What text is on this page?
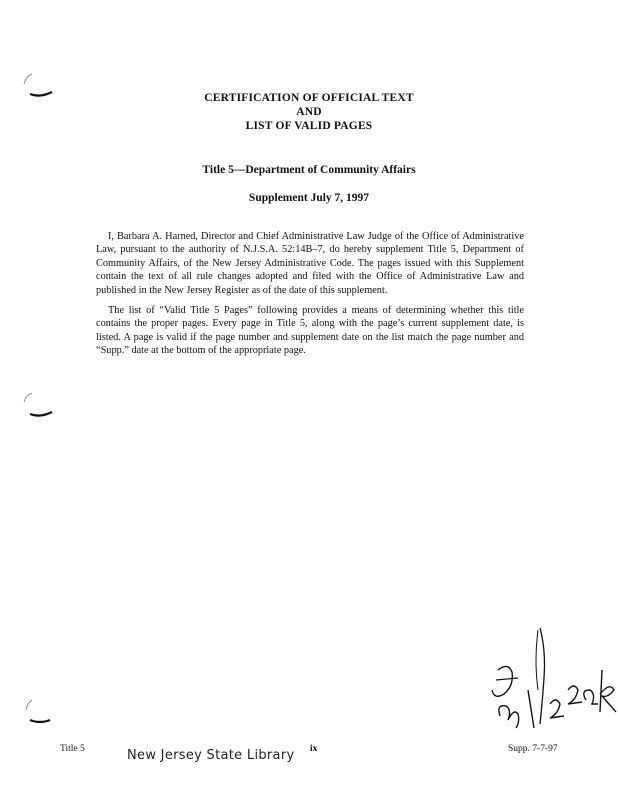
CERTIFICATION OF OFFICIAL TEXT
AND
LIST OF VALID PAGES
Title 5—Department of Community Affairs
Supplement July 7, 1997

I, Barbara A. Harned, Director and Chief Administrative Law Judge of the Office of Administrative Law, pursuant to the authority of N.J.S.A. 52:14B–7, do hereby supplement Title 5, Department of Community Affairs, of the New Jersey Administrative Code. The pages issued with this Supplement contain the text of all rule changes adopted and filed with the Office of Administrative Law and published in the New Jersey Register as of the date of this supplement.

The list of “Valid Title 5 Pages” following provides a means of determining whether this title contains the proper pages. Every page in Title 5, along with the page’s current supplement date, is listed. A page is valid if the page number and supplement date on the list match the page number and “Supp.” date at the bottom of the appropriate page.

Title 5	New Jersey State Library ix	Supp. 7-7-97
